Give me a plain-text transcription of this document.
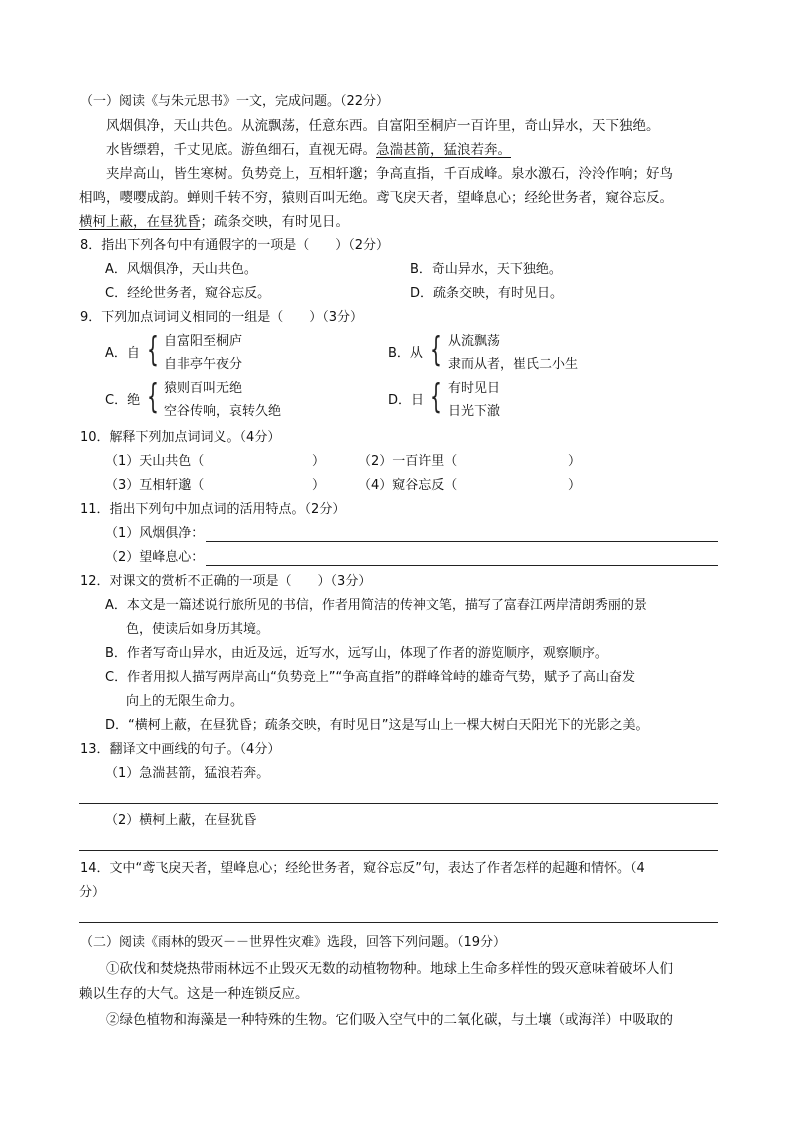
（一）阅读《与朱元思书》一文，完成问题。（22分）
风烟俱净，天山共色。从流飘荡，任意东西。自富阳至桐庐一百许里，奇山异水，天下独绝。
水皆缥碧，千丈见底。游鱼细石，直视无碍。急湍甚箭，猛浪若奔。
夹岸高山，皆生寒树。负势竞上，互相轩邈；争高直指，千百成峰。泉水激石，泠泠作响；好鸟
相鸣，嘤嘤成韵。蝉则千转不穷，猿则百叫无绝。鸢飞戾天者，望峰息心；经纶世务者，窥谷忘反。
横柯上蔽，在昼犹昏；疏条交映，有时见日。
8．指出下列各句中有通假字的一项是（　　）（2分）
A．风烟俱净，天山共色。	B．奇山异水，天下独绝。
C．经纶世务者，窥谷忘反。	D．疏条交映，有时见日。
9．下列加点词词义相同的一组是（　　）（3分）
A．自 { 自富阳至桐庐
自非亭午夜分
B．从 { 从流飘荡
隶而从者，崔氏二小生
C．绝 { 猿则百叫无绝
空谷传响，哀转久绝
D．日 { 有时见日
日光下澈
10．解释下列加点词词义。（4分）
（1）天山共色（	）	（2）一百许里（	）
（3）互相轩邈（	）	（4）窥谷忘反（	）
11．指出下列句中加点词的活用特点。（2分）
（1）风烟俱净：
（2）望峰息心：
12．对课文的赏析不正确的一项是（　　）（3分）
A．本文是一篇述说行旅所见的书信，作者用简洁的传神文笔，描写了富春江两岸清朗秀丽的景
色，使读后如身历其境。
B．作者写奇山异水，由近及远，近写水，远写山，体现了作者的游览顺序，观察顺序。
C．作者用拟人描写两岸高山“负势竞上”“争高直指”的群峰耸峙的雄奇气势，赋予了高山奋发
向上的无限生命力。
D．“横柯上蔽，在昼犹昏；疏条交映，有时见日”这是写山上一棵大树白天阳光下的光影之美。
13．翻译文中画线的句子。（4分）
（1）急湍甚箭，猛浪若奔。
（2）横柯上蔽，在昼犹昏
14．文中“鸢飞戾天者，望峰息心；经纶世务者，窥谷忘反”句，表达了作者怎样的起趣和情怀。（4
分）
（二）阅读《雨林的毁灭－－世界性灾难》选段，回答下列问题。（19分）
①砍伐和焚烧热带雨林远不止毁灭无数的动植物物种。地球上生命多样性的毁灭意味着破坏人们
赖以生存的大气。这是一种连锁反应。
②绿色植物和海藻是一种特殊的生物。它们吸入空气中的二氧化碳，与土壤（或海洋）中吸取的
